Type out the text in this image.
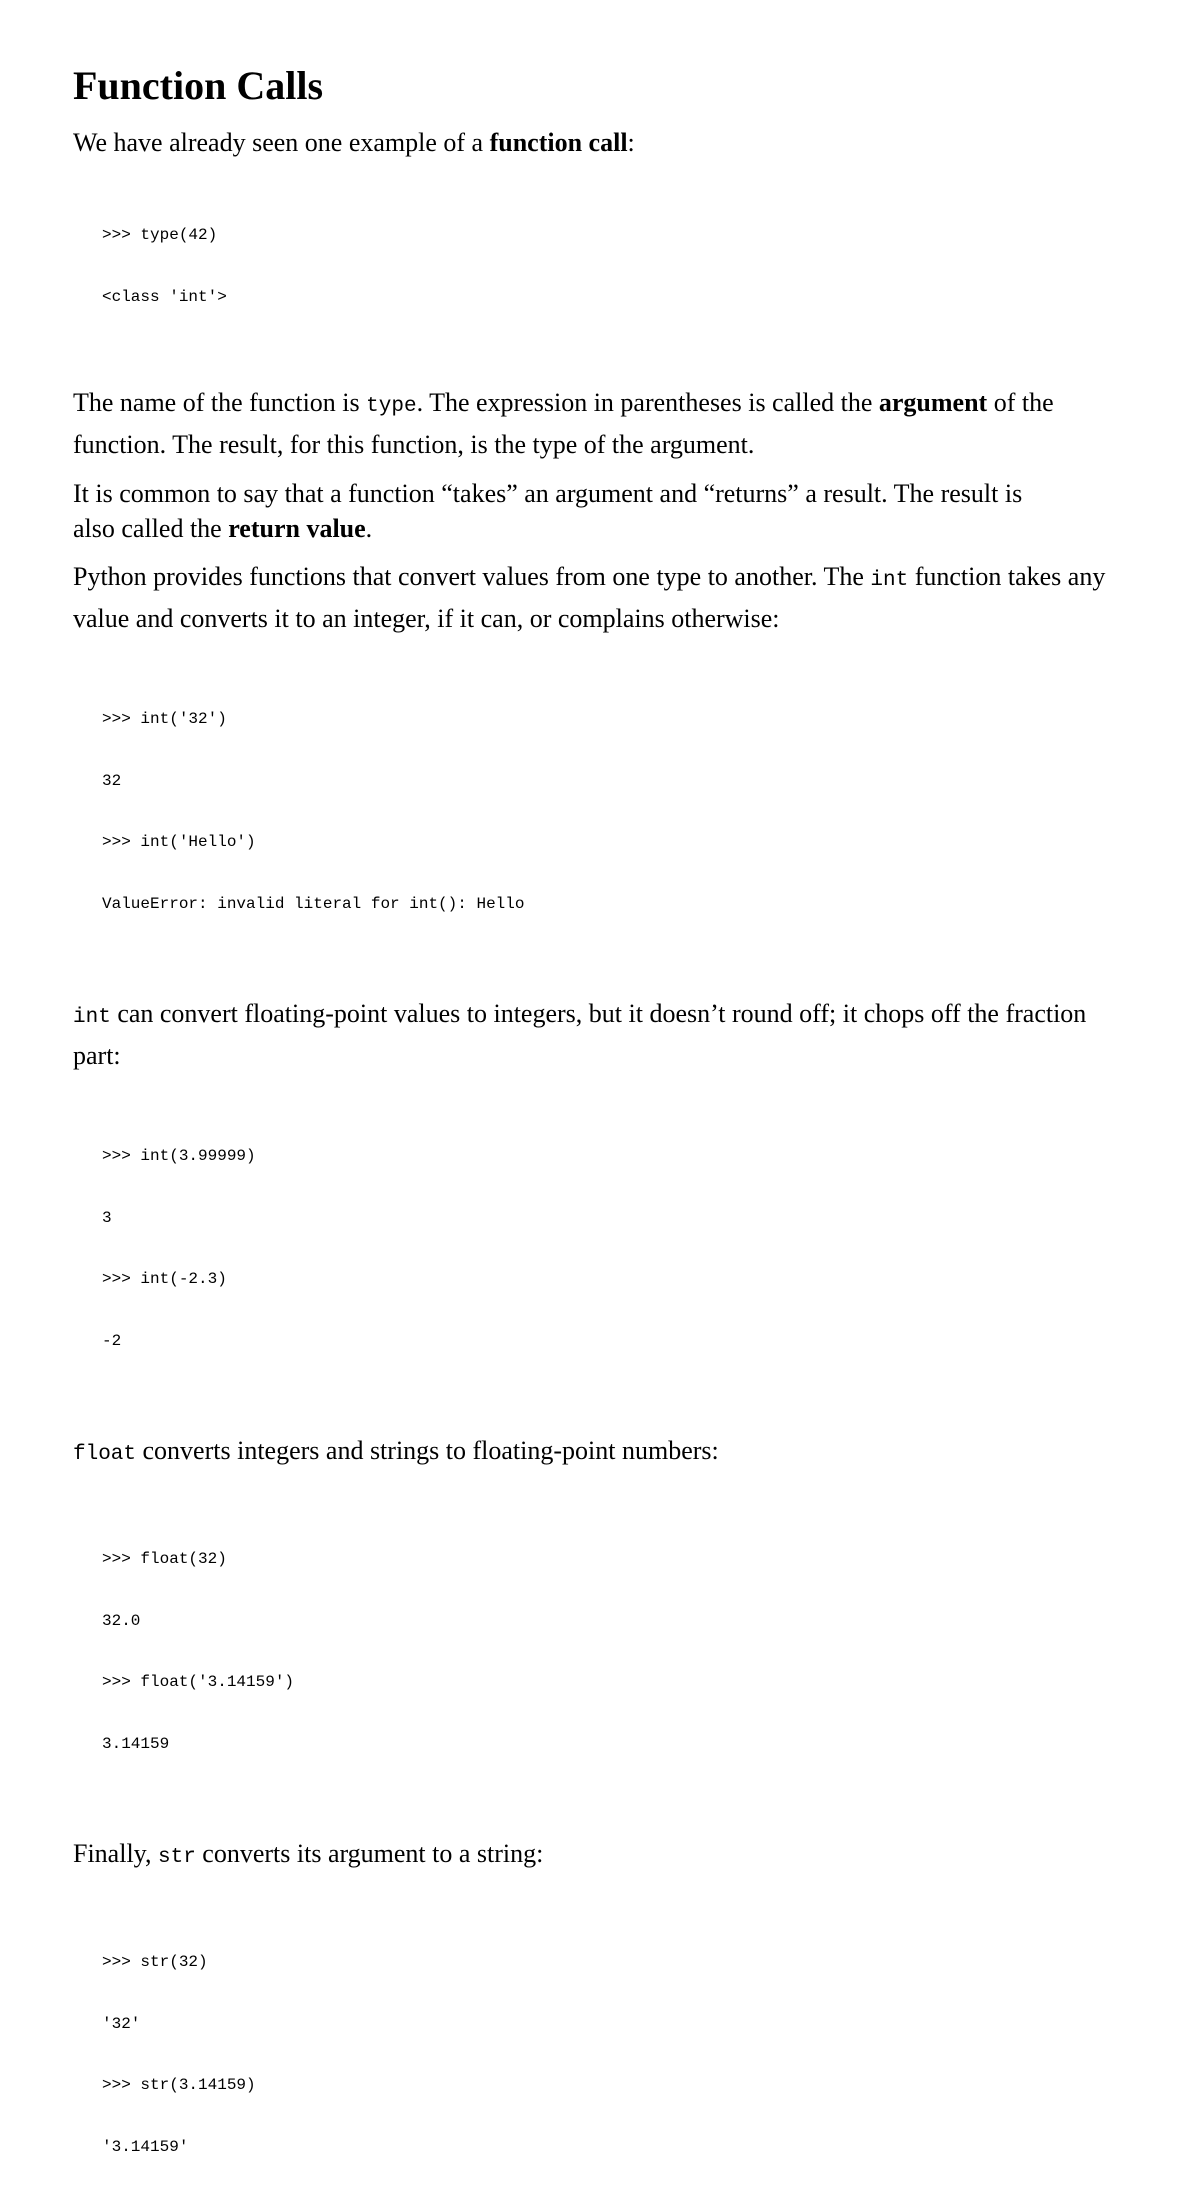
Function Calls

We have already seen one example of a function call:

>>> type(42)

<class 'int'>

The name of the function is type. The expression in parentheses is called the argument of the function. The result, for this function, is the type of the argument.

It is common to say that a function “takes” an argument and “returns” a result. The result is also called the return value.

Python provides functions that convert values from one type to another. The int function takes any value and converts it to an integer, if it can, or complains otherwise:

>>> int('32')

32

>>> int('Hello')

ValueError: invalid literal for int(): Hello

int can convert floating-point values to integers, but it doesn’t round off; it chops off the fraction part:

>>> int(3.99999)

3

>>> int(-2.3)

-2

float converts integers and strings to floating-point numbers:

>>> float(32)

32.0

>>> float('3.14159')

3.14159

Finally, str converts its argument to a string:

>>> str(32)

'32'

>>> str(3.14159)

'3.14159'
